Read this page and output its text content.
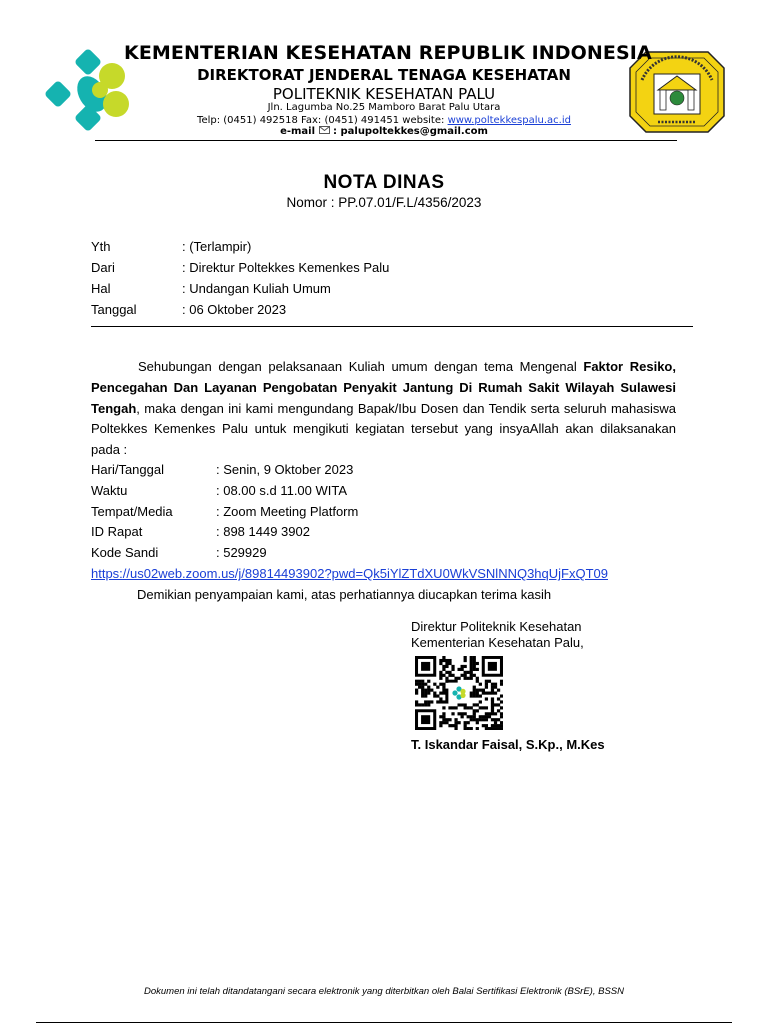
KEMENTERIAN KESEHATAN REPUBLIK INDONESIA
DIREKTORAT JENDERAL TENAGA KESEHATAN
POLITEKNIK KESEHATAN PALU
Jln. Lagumba No.25 Mamboro Barat Palu Utara
Telp: (0451) 492518 Fax: (0451) 491451 website: www.poltekkespalu.ac.id
e-mail : palupoltekkes@gmail.com
NOTA DINAS
Nomor : PP.07.01/F.L/4356/2023
Yth	: (Terlampir)
Dari	: Direktur Poltekkes Kemenkes Palu
Hal	: Undangan Kuliah Umum
Tanggal	: 06 Oktober 2023
Sehubungan dengan pelaksanaan Kuliah umum dengan tema Mengenal Faktor Resiko, Pencegahan Dan Layanan Pengobatan Penyakit Jantung Di Rumah Sakit Wilayah Sulawesi Tengah, maka dengan ini kami mengundang Bapak/Ibu Dosen dan Tendik serta seluruh mahasiswa Poltekkes Kemenkes Palu untuk mengikuti kegiatan tersebut yang insyaAllah akan dilaksanakan pada :
Hari/Tanggal	: Senin, 9 Oktober 2023
Waktu	: 08.00 s.d 11.00 WITA
Tempat/Media	: Zoom Meeting Platform
ID Rapat	: 898 1449 3902
Kode Sandi	: 529929
https://us02web.zoom.us/j/89814493902?pwd=Qk5iYlZTdXU0WkVSNlNNQ3hqUjFxQT09
Demikian penyampaian kami, atas perhatiannya diucapkan terima kasih
Direktur Politeknik Kesehatan
Kementerian Kesehatan Palu,
T. Iskandar Faisal, S.Kp., M.Kes
Dokumen ini telah ditandatangani secara elektronik yang diterbitkan oleh Balai Sertifikasi Elektronik (BSrE), BSSN
